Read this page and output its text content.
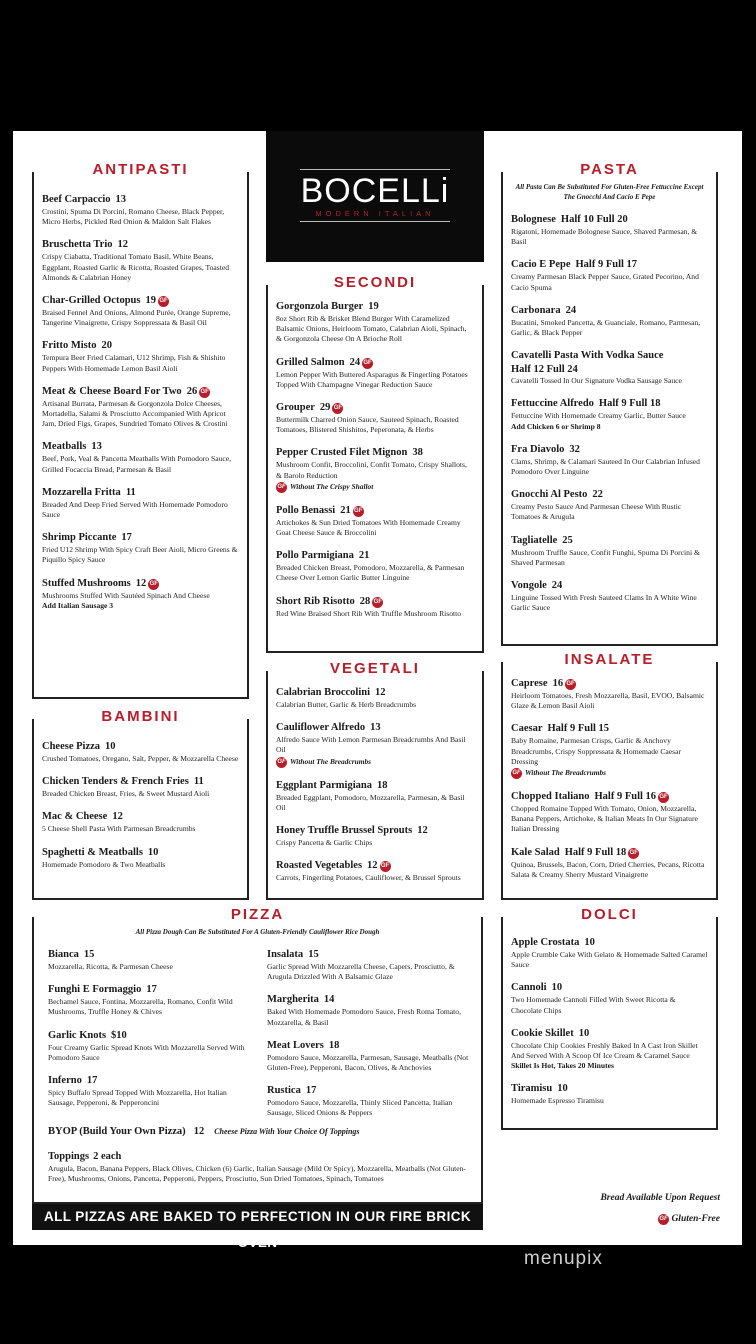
BOCELLi
MODERN ITALIAN
ANTIPASTI
Beef Carpaccio 13
Crostini, Spuma Di Porcini, Romano Cheese, Black Pepper, Micro Herbs, Pickled Red Onion & Maldon Salt Flakes
Bruschetta Trio 12
Crispy Ciabatta, Traditional Tomato Basil, White Beans, Eggplant, Roasted Garlic & Ricotta, Roasted Grapes, Toasted Almonds & Calabrian Honey
Char-Grilled Octopus 19 GF
Braised Fennel And Onions, Almond Purée, Orange Supreme, Tangerine Vinaigrette, Crispy Soppressata & Basil Oil
Fritto Misto 20
Tempura Beer Fried Calamari, U12 Shrimp, Fish & Shishito Peppers With Homemade Lemon Basil Aioli
Meat & Cheese Board For Two 26 GF
Artisanal Burrata, Parmesan & Gorgonzola Dolce Cheeses, Mortadella, Salami & Prosciutto Accompanied With Apricot Jam, Dried Figs, Grapes, Sundried Tomato Olives & Crostini
Meatballs 13
Beef, Pork, Veal & Pancetta Meatballs With Pomodoro Sauce, Grilled Focaccia Bread, Parmesan & Basil
Mozzarella Fritta 11
Breaded And Deep Fried Served With Homemade Pomodoro Sauce
Shrimp Piccante 17
Fried U12 Shrimp With Spicy Craft Beer Aioli, Micro Greens & Piquillo Spicy Sauce
Stuffed Mushrooms 12 GF
Mushrooms Stuffed With Sautéed Spinach And Cheese
Add Italian Sausage 3
BAMBINI
Cheese Pizza 10
Crushed Tomatoes, Oregano, Salt, Pepper, & Mozzarella Cheese
Chicken Tenders & French Fries 11
Breaded Chicken Breast, Fries, & Sweet Mustard Aioli
Mac & Cheese 12
5 Cheese Shell Pasta With Parmesan Breadcrumbs
Spaghetti & Meatballs 10
Homemade Pomodoro & Two Meatballs
SECONDI
Gorgonzola Burger 19
8oz Short Rib & Brisket Blend Burger With Caramelized Balsamic Onions, Heirloom Tomato, Calabrian Aioli, Spinach, & Gorgonzola Cheese On A Brioche Roll
Grilled Salmon 24 GF
Lemon Pepper With Buttered Asparagus & Fingerling Potatoes Topped With Champagne Vinegar Reduction Sauce
Grouper 29 GF
Buttermilk Charred Onion Sauce, Sauteed Spinach, Roasted Tomatoes, Blistered Shishitos, Peperonata, & Herbs
Pepper Crusted Filet Mignon 38
Mushroom Confit, Broccolini, Confit Tomato, Crispy Shallots, & Barolo Reduction
GF Without The Crispy Shallot
Pollo Benassi 21 GF
Artichokes & Sun Dried Tomatoes With Homemade Creamy Goat Cheese Sauce & Broccolini
Pollo Parmigiana 21
Breaded Chicken Breast, Pomodoro, Mozzarella, & Parmesan Cheese Over Lemon Garlic Butter Linguine
Short Rib Risotto 28 GF
Red Wine Braised Short Rib With Truffle Mushroom Risotto
VEGETALI
Calabrian Broccolini 12
Calabrian Butter, Garlic & Herb Breadcrumbs
Cauliflower Alfredo 13
Alfredo Sauce With Lemon Parmesan Breadcrumbs And Basil Oil
GF Without The Breadcrumbs
Eggplant Parmigiana 18
Breaded Eggplant, Pomodoro, Mozzarella, Parmesan, & Basil Oil
Honey Truffle Brussel Sprouts 12
Crispy Pancetta & Garlic Chips
Roasted Vegetables 12 GF
Carrots, Fingerling Potatoes, Cauliflower, & Brussel Sprouts
PASTA
All Pasta Can Be Substituted For Gluten-Free Fettuccine Except The Gnocchi And Cacio E Pepe
Bolognese Half 10 Full 20
Rigatoni, Homemade Bolognese Sauce, Shaved Parmesan, & Basil
Cacio E Pepe Half 9 Full 17
Creamy Parmesan Black Pepper Sauce, Grated Pecorino, And Cacio Spuma
Carbonara 24
Bucatini, Smoked Pancetta, & Guanciale, Romano, Parmesan, Garlic, & Black Pepper
Cavatelli Pasta With Vodka Sauce
Half 12 Full 24
Cavatelli Tossed In Our Signature Vodka Sausage Sauce
Fettuccine Alfredo Half 9 Full 18
Fettuccine With Homemade Creamy Garlic, Butter Sauce
Add Chicken 6 or Shrimp 8
Fra Diavolo 32
Clams, Shrimp, & Calamari Sauteed In Our Calabrian Infused Pomodoro Over Linguine
Gnocchi Al Pesto 22
Creamy Pesto Sauce And Parmesan Cheese With Rustic Tomatoes & Arugula
Tagliatelle 25
Mushroom Truffle Sauce, Confit Funghi, Spuma Di Porcini & Shaved Parmesan
Vongole 24
Linguine Tossed With Fresh Sauteed Clams In A White Wine Garlic Sauce
INSALATE
Caprese 16 GF
Heirloom Tomatoes, Fresh Mozzarella, Basil, EVOO, Balsamic Glaze & Lemon Basil Aioli
Caesar Half 9 Full 15
Baby Romaine, Parmesan Crisps, Garlic & Anchovy Breadcrumbs, Crispy Soppressata & Homemade Caesar Dressing
GF Without The Breadcrumbs
Chopped Italiano Half 9 Full 16 GF
Chopped Romaine Topped With Tomato, Onion, Mozzarella, Banana Peppers, Artichoke, & Italian Meats In Our Signature Italian Dressing
Kale Salad Half 9 Full 18 GF
Quinoa, Brussels, Bacon, Corn, Dried Cherries, Pecans, Ricotta Salata & Creamy Sherry Mustard Vinaigrette
PIZZA
All Pizza Dough Can Be Substituted For A Gluten-Friendly Cauliflower Rice Dough
Bianca 15
Mozzarella, Ricotta, & Parmesan Cheese
Funghi E Formaggio 17
Bechamel Sauce, Fontina, Mozzarella, Romano, Confit Wild Mushrooms, Truffle Honey & Chives
Garlic Knots $10
Four Creamy Garlic Spread Knots With Mozzarella Served With Pomodoro Sauce
Inferno 17
Spicy Buffalo Spread Topped With Mozzarella, Hot Italian Sausage, Pepperoni, & Pepperoncini
Insalata 15
Garlic Spread With Mozzarella Cheese, Capers, Prosciutto, & Arugula Drizzled With A Balsamic Glaze
Margherita 14
Baked With Homemade Pomodoro Sauce, Fresh Roma Tomato, Mozzarella, & Basil
Meat Lovers 18
Pomodoro Sauce, Mozzarella, Parmesan, Sausage, Meatballs (Not Gluten-Free), Pepperoni, Bacon, Olives, & Anchovies
Rustica 17
Pomodoro Sauce, Mozzarella, Thinly Sliced Pancetta, Italian Sausage, Sliced Onions & Peppers
BYOP (Build Your Own Pizza) 12 Cheese Pizza With Your Choice Of Toppings
Toppings 2 each
Arugula, Bacon, Banana Peppers, Black Olives, Chicken (6) Garlic, Italian Sausage (Mild Or Spicy), Mozzarella, Meatballs (Not Gluten-Free), Mushrooms, Onions, Pancetta, Pepperoni, Peppers, Prosciutto, Sun Dried Tomatoes, Spinach, Tomatoes
ALL PIZZAS ARE BAKED TO PERFECTION IN OUR FIRE BRICK OVEN
DOLCI
Apple Crostata 10
Apple Crumble Cake With Gelato & Homemade Salted Caramel Sauce
Cannoli 10
Two Homemade Cannoli Filled With Sweet Ricotta & Chocolate Chips
Cookie Skillet 10
Chocolate Chip Cookies Freshly Baked In A Cast Iron Skillet And Served With A Scoop Of Ice Cream & Caramel Sauce
Skillet Is Hot, Takes 20 Minutes
Tiramisu 10
Homemade Espresso Tiramisu
Bread Available Upon Request
GF Gluten-Free
menupix
